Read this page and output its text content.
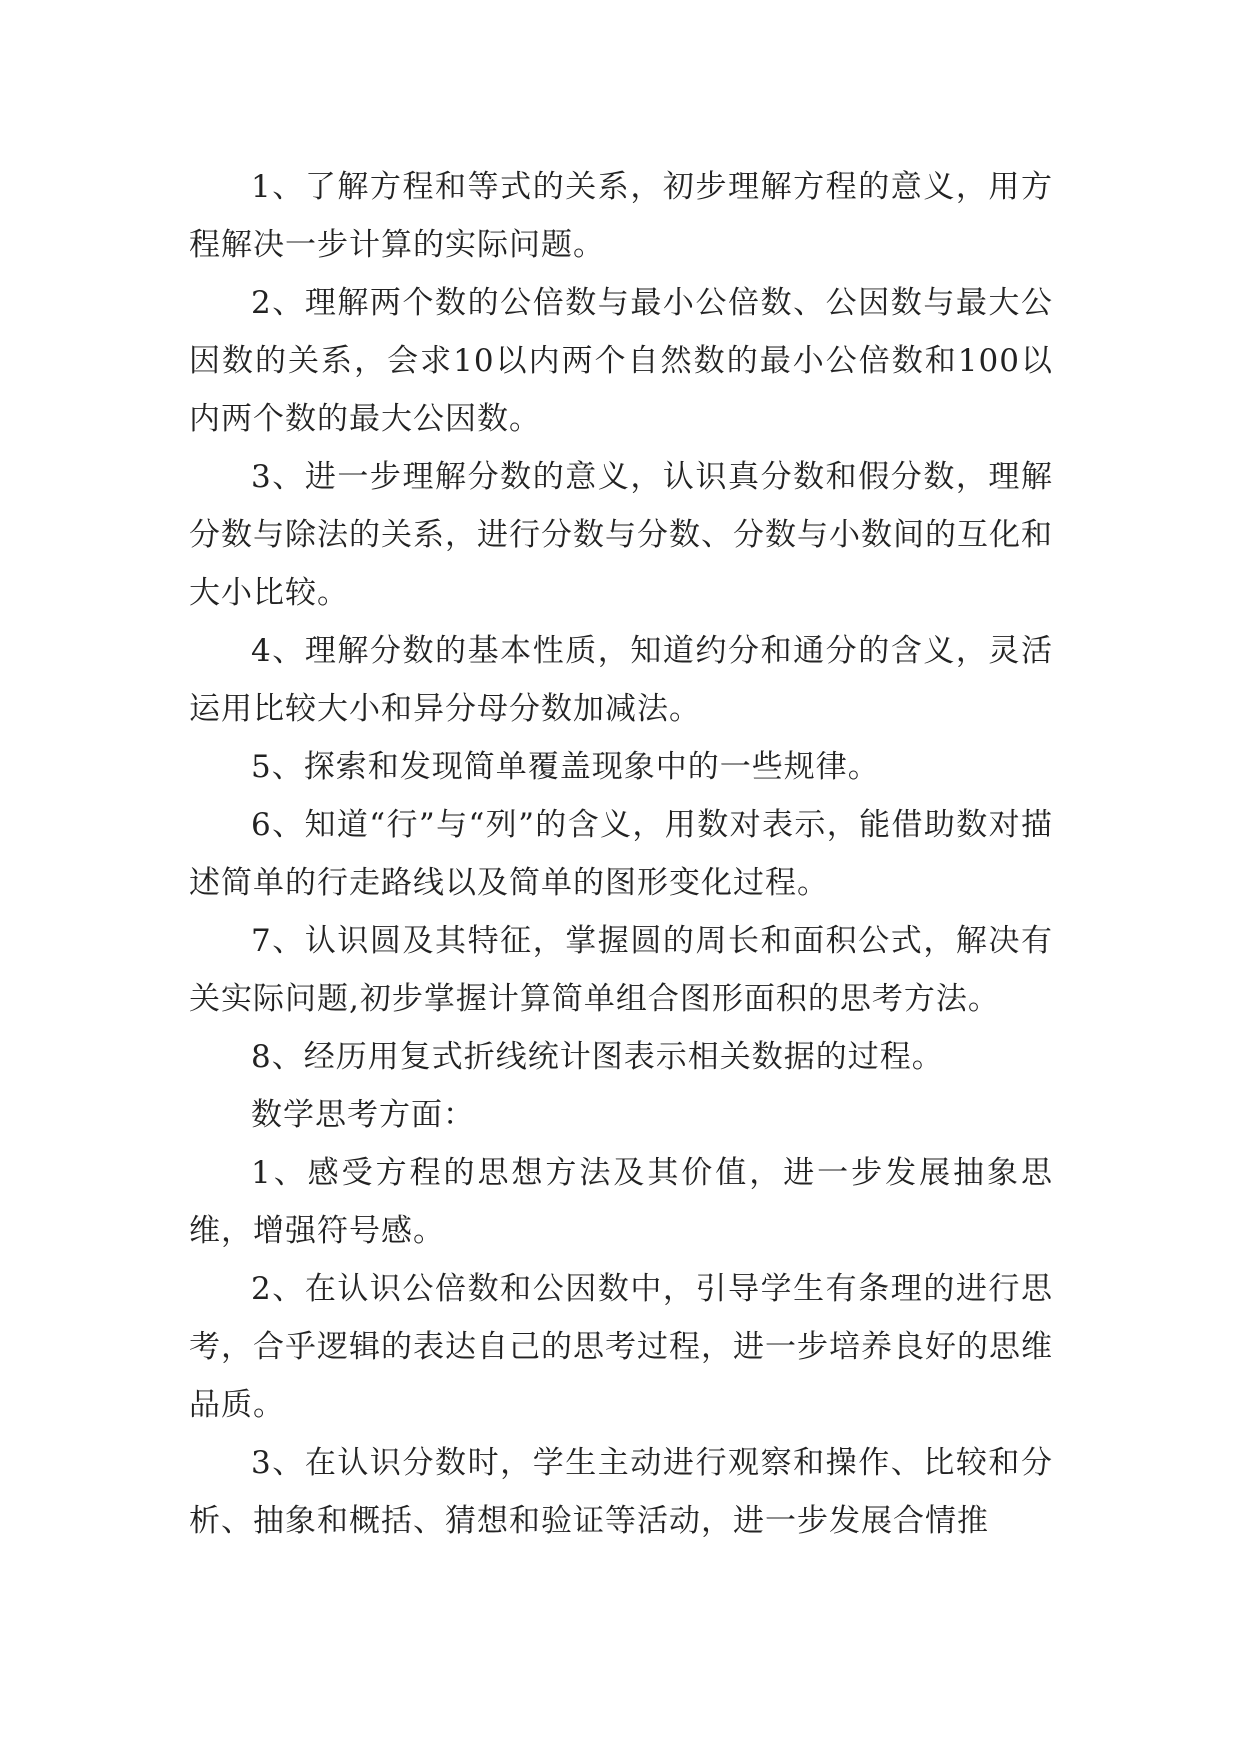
1、了解方程和等式的关系，初步理解方程的意义，用方程解决一步计算的实际问题。

2、理解两个数的公倍数与最小公倍数、公因数与最大公因数的关系，会求10以内两个自然数的最小公倍数和100以内两个数的最大公因数。

3、进一步理解分数的意义，认识真分数和假分数，理解分数与除法的关系，进行分数与分数、分数与小数间的互化和大小比较。

4、理解分数的基本性质，知道约分和通分的含义，灵活运用比较大小和异分母分数加减法。

5、探索和发现简单覆盖现象中的一些规律。

6、知道“行”与“列”的含义，用数对表示，能借助数对描述简单的行走路线以及简单的图形变化过程。

7、认识圆及其特征，掌握圆的周长和面积公式，解决有关实际问题,初步掌握计算简单组合图形面积的思考方法。

8、经历用复式折线统计图表示相关数据的过程。

数学思考方面：

1、感受方程的思想方法及其价值，进一步发展抽象思维，增强符号感。

2、在认识公倍数和公因数中，引导学生有条理的进行思考，合乎逻辑的表达自己的思考过程，进一步培养良好的思维品质。

3、在认识分数时，学生主动进行观察和操作、比较和分析、抽象和概括、猜想和验证等活动，进一步发展合情推
